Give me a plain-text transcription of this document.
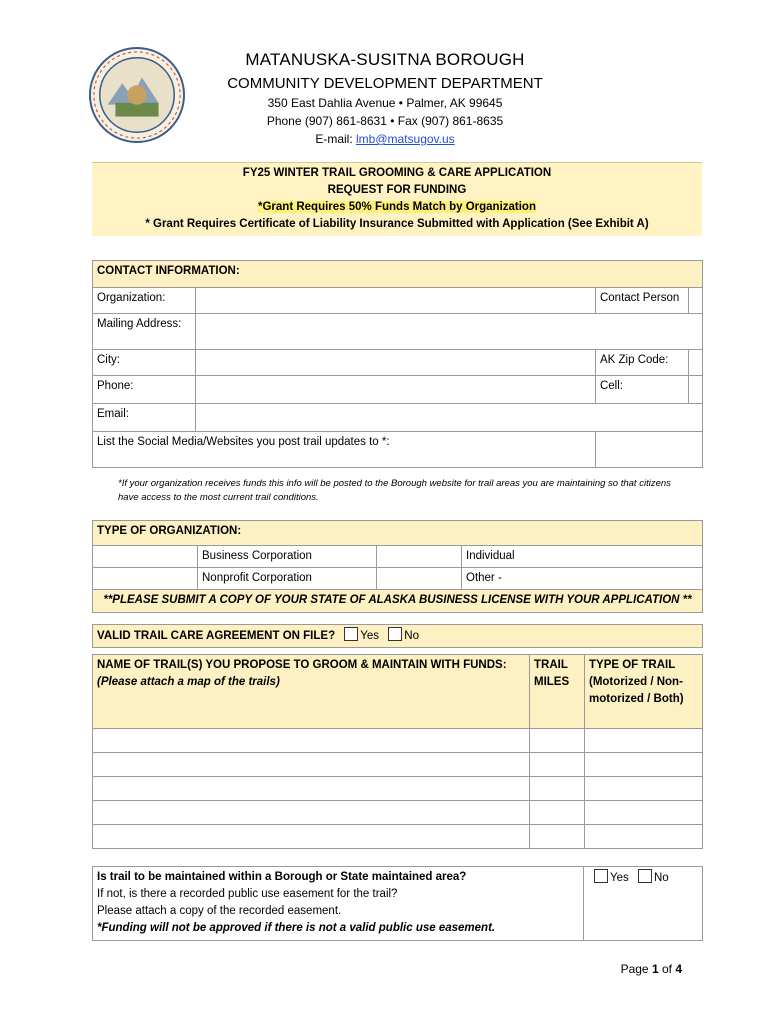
MATANUSKA-SUSITNA BOROUGH
COMMUNITY DEVELOPMENT DEPARTMENT
350 East Dahlia Avenue • Palmer, AK 99645
Phone (907) 861-8631 • Fax (907) 861-8635
E-mail: lmb@matsugov.us
FY25 WINTER TRAIL GROOMING & CARE APPLICATION
REQUEST FOR FUNDING
*Grant Requires 50% Funds Match by Organization
* Grant Requires Certificate of Liability Insurance Submitted with Application (See Exhibit A)
CONTACT INFORMATION:			
Organization:		Contact Person	
Mailing Address:			
City:		AK Zip Code:	
Phone:		Cell:	
Email:			
List the Social Media/Websites you post trail updates to *:			
*If your organization receives funds this info will be posted to the Borough website for trail areas you are maintaining so that citizens have access to the most current trail conditions.
TYPE OF ORGANIZATION:			
	Business Corporation		Individual
	Nonprofit Corporation		Other -
**PLEASE SUBMIT A COPY OF YOUR STATE OF ALASKA BUSINESS LICENSE WITH YOUR APPLICATION **			
VALID TRAIL CARE AGREEMENT ON FILE? Yes No
NAME OF TRAIL(S) YOU PROPOSE TO GROOM & MAINTAIN WITH FUNDS:
(Please attach a map of the trails)	TRAIL MILES	TYPE OF TRAIL (Motorized / Non-motorized / Both)

Is trail to be maintained within a Borough or State maintained area?
If not, is there a recorded public use easement for the trail?
Please attach a copy of the recorded easement.
*Funding will not be approved if there is not a valid public use easement.
	Yes No
Page 1 of 4
